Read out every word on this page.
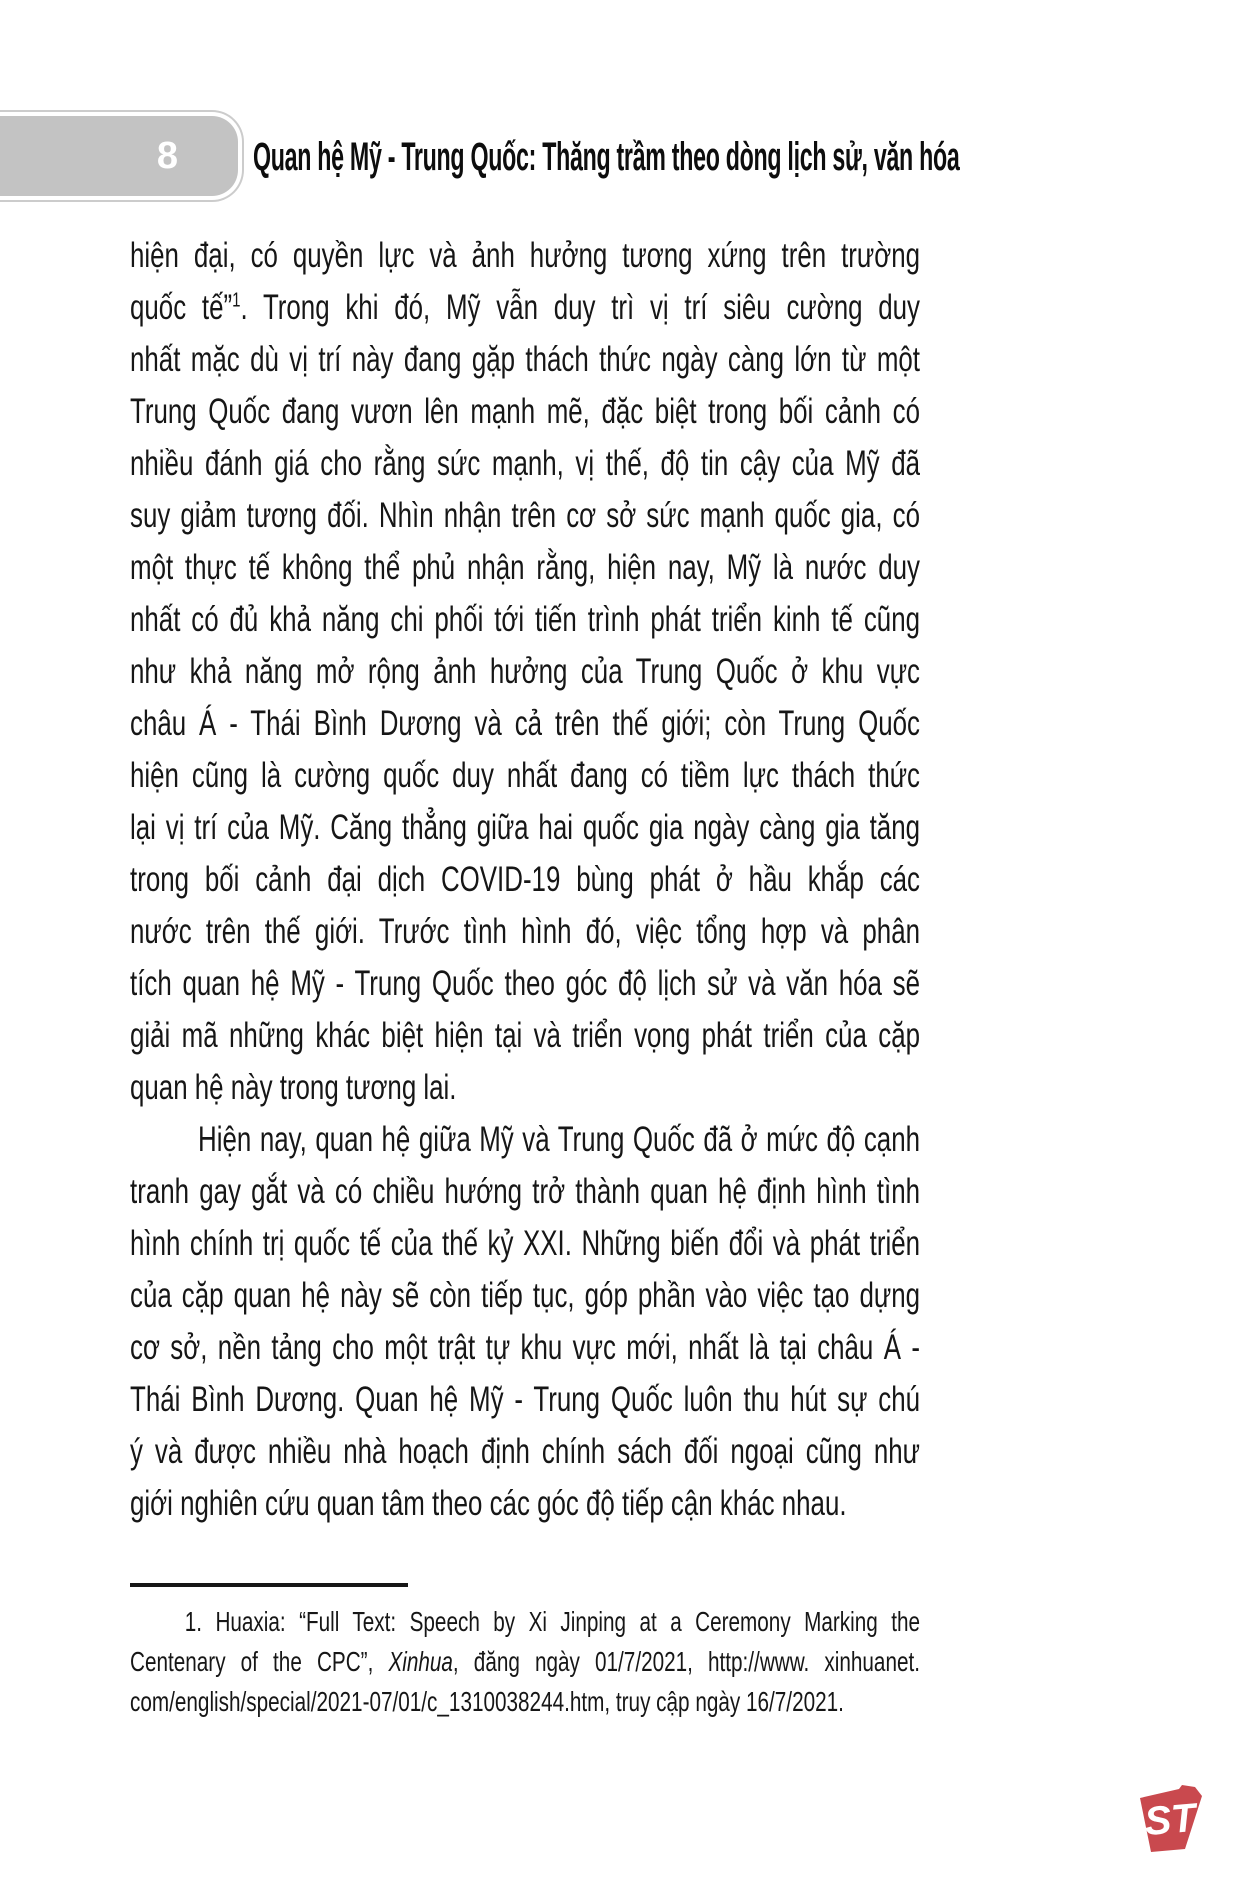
8	Quan hệ Mỹ - Trung Quốc: Thăng trầm theo dòng lịch sử, văn hóa
hiện đại, có quyền lực và ảnh hưởng tương xứng trên trường
quốc tế”$^1$. Trong khi đó, Mỹ vẫn duy trì vị trí siêu cường duy
nhất mặc dù vị trí này đang gặp thách thức ngày càng lớn từ một
Trung Quốc đang vươn lên mạnh mẽ, đặc biệt trong bối cảnh có
nhiều đánh giá cho rằng sức mạnh, vị thế, độ tin cậy của Mỹ đã
suy giảm tương đối. Nhìn nhận trên cơ sở sức mạnh quốc gia, có
một thực tế không thể phủ nhận rằng, hiện nay, Mỹ là nước duy
nhất có đủ khả năng chi phối tới tiến trình phát triển kinh tế cũng
như khả năng mở rộng ảnh hưởng của Trung Quốc ở khu vực
châu Á - Thái Bình Dương và cả trên thế giới; còn Trung Quốc
hiện cũng là cường quốc duy nhất đang có tiềm lực thách thức
lại vị trí của Mỹ. Căng thẳng giữa hai quốc gia ngày càng gia tăng
trong bối cảnh đại dịch COVID-19 bùng phát ở hầu khắp các
nước trên thế giới. Trước tình hình đó, việc tổng hợp và phân
tích quan hệ Mỹ - Trung Quốc theo góc độ lịch sử và văn hóa sẽ
giải mã những khác biệt hiện tại và triển vọng phát triển của cặp
quan hệ này trong tương lai.
Hiện nay, quan hệ giữa Mỹ và Trung Quốc đã ở mức độ cạnh
tranh gay gắt và có chiều hướng trở thành quan hệ định hình tình
hình chính trị quốc tế của thế kỷ XXI. Những biến đổi và phát triển
của cặp quan hệ này sẽ còn tiếp tục, góp phần vào việc tạo dựng
cơ sở, nền tảng cho một trật tự khu vực mới, nhất là tại châu Á -
Thái Bình Dương. Quan hệ Mỹ - Trung Quốc luôn thu hút sự chú
ý và được nhiều nhà hoạch định chính sách đối ngoại cũng như
giới nghiên cứu quan tâm theo các góc độ tiếp cận khác nhau.
1. Huaxia: “Full Text: Speech by Xi Jinping at a Ceremony Marking the
Centenary of the CPC”, Xinhua, đăng ngày 01/7/2021, http://www. xinhuanet.
com/english/special/2021-07/01/c_1310038244.htm, truy cập ngày 16/7/2021.
ST
